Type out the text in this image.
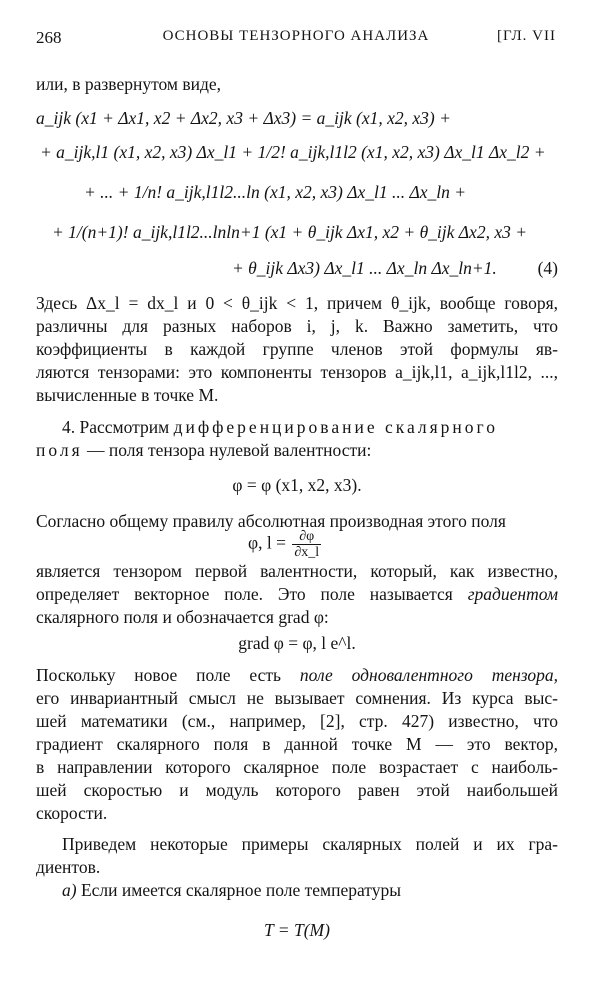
268	ОСНОВЫ ТЕНЗОРНОГО АНАЛИЗА	[ГЛ. VII
или, в развернутом виде,
a_ijk (x1 + Δx1, x2 + Δx2, x3 + Δx3) = a_ijk (x1, x2, x3) +
+ a_ijk,l1 (x1, x2, x3) Δx_l1 + 1/2! a_ijk,l1l2 (x1, x2, x3) Δx_l1 Δx_l2 +
+ ... + 1/n! a_ijk,l1l2...ln (x1, x2, x3) Δx_l1 ... Δx_ln +
+ 1/(n+1)! a_ijk,l1l2...lnln+1 (x1 + θ_ijk Δx1, x2 + θ_ijk Δx2, x3 +
+ θ_ijk Δx3) Δx_l1 ... Δx_ln Δx_ln+1. (4)
Здесь Δx_l = dx_l и 0 < θ_ijk < 1, причем θ_ijk, вообще говоря,
различны для разных наборов i, j, k. Важно заметить, что
коэффициенты в каждой группе членов этой формулы яв-
ляются тензорами: это компоненты тензоров a_ijk,l1, a_ijk,l1l2, ...,
вычисленные в точке M.
4. Рассмотрим дифференцирование скалярного
поля — поля тензора нулевой валентности:
φ = φ (x1, x2, x3).
Согласно общему правилу абсолютная производная этого поля
φ, $l = \frac{\partial\varphi}{\partial x\_l}$
является тензором первой валентности, который, как известно,
определяет векторное поле. Это поле называется градиентом
скалярного поля и обозначается grad φ:
grad φ = φ, l e^l.
Поскольку новое поле есть поле одновалентного тензора,
его инвариантный смысл не вызывает сомнения. Из курса выс-
шей математики (см., например, [2], стр. 427) известно, что
градиент скалярного поля в данной точке M — это вектор,
в направлении которого скалярное поле возрастает с наиболь-
шей скоростью и модуль которого равен этой наибольшей
скорости.
Приведем некоторые примеры скалярных полей и их гра-
диентов.
а) Если имеется скалярное поле температуры
T = T(M)
